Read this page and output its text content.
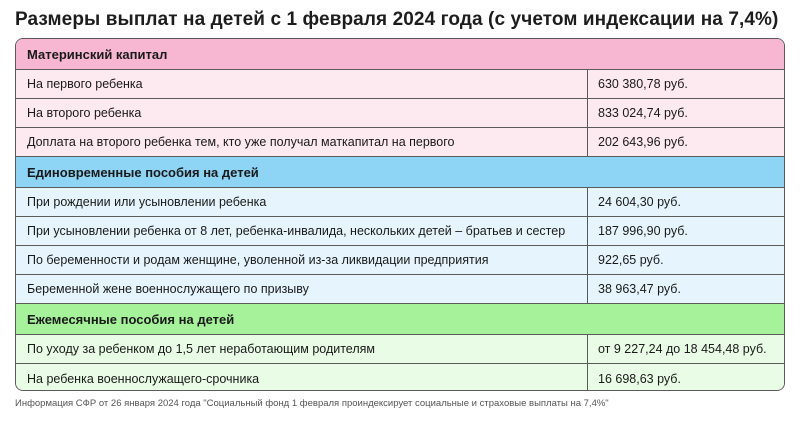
Размеры выплат на детей с 1 февраля 2024 года (с учетом индексации на 7,4%)
Материнский капитал
На первого ребенка	630 380,78 руб.
На второго ребенка	833 024,74 руб.
Доплата на второго ребенка тем, кто уже получал маткапитал на первого	202 643,96 руб.
Единовременные пособия на детей
При рождении или усыновлении ребенка	24 604,30 руб.
При усыновлении ребенка от 8 лет, ребенка-инвалида, нескольких детей – братьев и сестер	187 996,90 руб.
По беременности и родам женщине, уволенной из-за ликвидации предприятия	922,65 руб.
Беременной жене военнослужащего по призыву	38 963,47 руб.
Ежемесячные пособия на детей
По уходу за ребенком до 1,5 лет неработающим родителям	от 9 227,24 до 18 454,48 руб.
На ребенка военнослужащего-срочника	16 698,63 руб.
Информация СФР от 26 января 2024 года "Социальный фонд 1 февраля проиндексирует социальные и страховые выплаты на 7,4%"
